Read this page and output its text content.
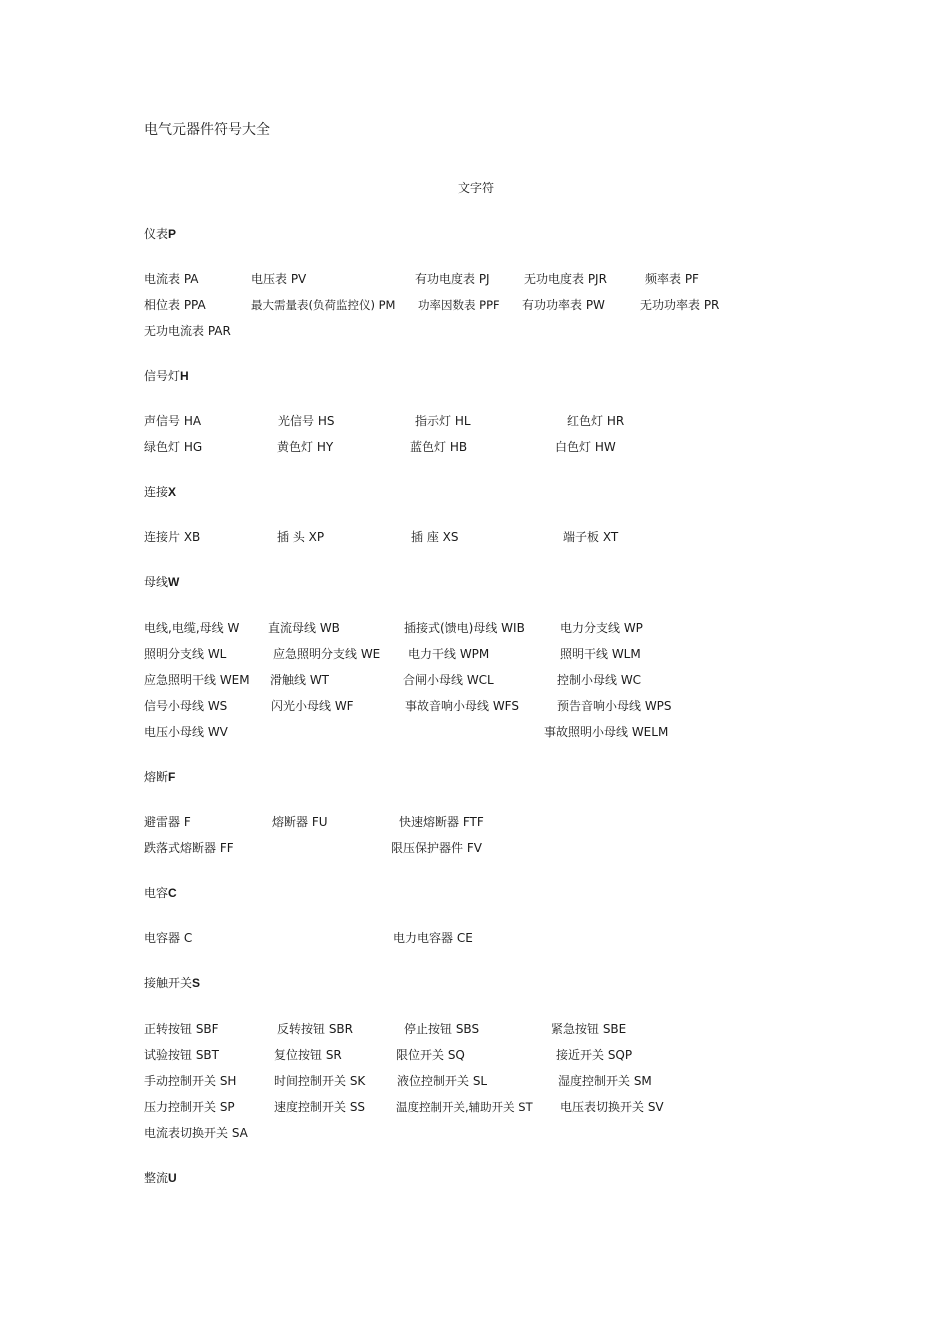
电气元器件符号大全
文字符
仪表P
电流表 PA	电压表 PV	有功电度表 PJ	无功电度表 PJR	频率表 PF
相位表 PPA	最大需量表(负荷监控仪) PM 功率因数表 PPF 有功功率表 PW	无功功率表 PR
无功电流表 PAR
信号灯H
声信号 HA	光信号 HS	指示灯 HL	红色灯 HR
绿色灯 HG	黄色灯 HY	蓝色灯 HB	白色灯 HW
连接X
连接片 XB	插 头 XP	插 座 XS	端子板 XT
母线W
电线,电缆,母线 W 直流母线 WB	插接式(馈电)母线 WIB	电力分支线 WP
照明分支线 WL	应急照明分支线 WE 电力干线 WPM	照明干线 WLM
应急照明干线 WEM 滑触线 WT	合闸小母线 WCL	控制小母线 WC
信号小母线 WS	闪光小母线 WF	事故音响小母线 WFS	预告音响小母线 WPS
电压小母线 WV	事故照明小母线 WELM
熔断F
避雷器 F	熔断器 FU	快速熔断器 FTF
跌落式熔断器 FF	限压保护器件 FV
电容C
电容器 C	电力电容器 CE
接触开关S
正转按钮 SBF	反转按钮 SBR	停止按钮 SBS	紧急按钮 SBE
试验按钮 SBT	复位按钮 SR	限位开关 SQ	接近开关 SQP
手动控制开关 SH	时间控制开关 SK	液位控制开关 SL	湿度控制开关 SM
压力控制开关 SP	速度控制开关 SS	温度控制开关,辅助开关 ST 电压表切换开关 SV
电流表切换开关 SA
整流U
